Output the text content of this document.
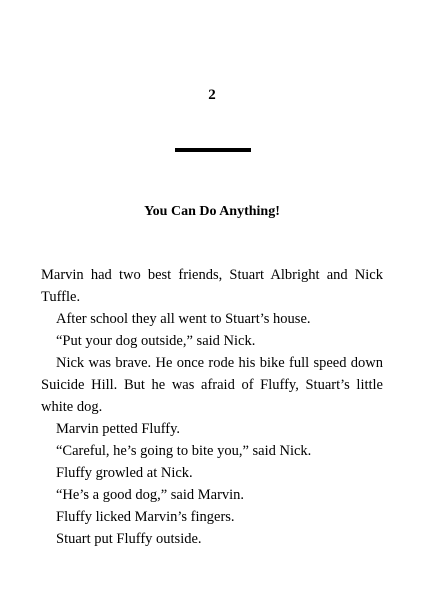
2
You Can Do Anything!

Marvin had two best friends, Stuart Albright and Nick Tuffle.

After school they all went to Stuart’s house.

“Put your dog outside,” said Nick.

Nick was brave. He once rode his bike full speed down Suicide Hill. But he was afraid of Fluffy, Stuart’s little white dog.

Marvin petted Fluffy.

“Careful, he’s going to bite you,” said Nick.

Fluffy growled at Nick.

“He’s a good dog,” said Marvin.

Fluffy licked Marvin’s fingers.

Stuart put Fluffy outside.
